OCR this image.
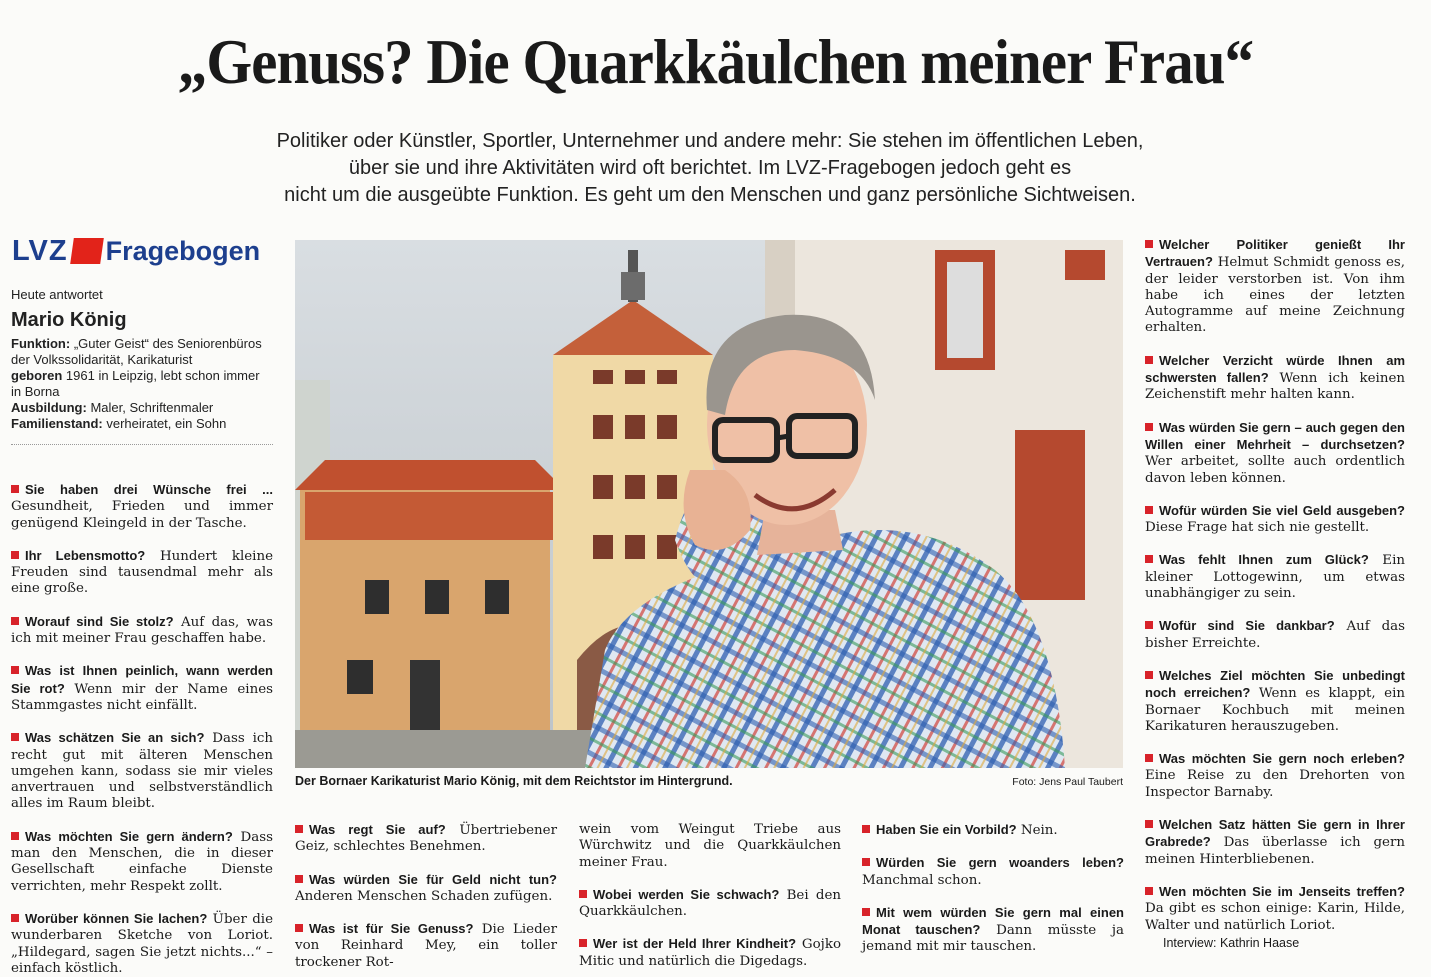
„Genuss? Die Quarkkäulchen meiner Frau“
Politiker oder Künstler, Sportler, Unternehmer und andere mehr: Sie stehen im öffentlichen Leben,
über sie und ihre Aktivitäten wird oft berichtet. Im LVZ-Fragebogen jedoch geht es
nicht um die ausgeübte Funktion. Es geht um den Menschen und ganz persönliche Sichtweisen.
LVZ Fragebogen
Heute antwortet
Mario König
Funktion: „Guter Geist“ des Seniorenbüros der Volkssolidarität, Karikaturist
geboren 1961 in Leipzig, lebt schon immer in Borna
Ausbildung: Maler, Schriftenmaler
Familienstand: verheiratet, ein Sohn
Der Bornaer Karikaturist Mario König, mit dem Reichtstor im Hintergrund.	Foto: Jens Paul Taubert
Sie haben drei Wünsche frei ... Gesundheit, Frieden und immer genügend Kleingeld in der Tasche.
Ihr Lebensmotto? Hundert kleine Freuden sind tausendmal mehr als eine große.
Worauf sind Sie stolz? Auf das, was ich mit meiner Frau geschaffen habe.
Was ist Ihnen peinlich, wann werden Sie rot? Wenn mir der Name eines Stammgastes nicht einfällt.
Was schätzen Sie an sich? Dass ich recht gut mit älteren Menschen umgehen kann, sodass sie mir vieles anvertrauen und selbstverständlich alles im Raum bleibt.
Was möchten Sie gern ändern? Dass man den Menschen, die in dieser Gesellschaft einfache Dienste verrichten, mehr Respekt zollt.
Worüber können Sie lachen? Über die wunderbaren Sketche von Loriot. „Hildegard, sagen Sie jetzt nichts...“ – einfach köstlich.
Was regt Sie auf? Übertriebener Geiz, schlechtes Benehmen.
Was würden Sie für Geld nicht tun? Anderen Menschen Schaden zufügen.
Was ist für Sie Genuss? Die Lieder von Reinhard Mey, ein toller trockener Rot-
wein vom Weingut Triebe aus Würchwitz und die Quarkkäulchen meiner Frau.
Wobei werden Sie schwach? Bei den Quarkkäulchen.
Wer ist der Held Ihrer Kindheit? Gojko Mitic und natürlich die Digedags.
Haben Sie ein Vorbild? Nein.
Würden Sie gern woanders leben? Manchmal schon.
Mit wem würden Sie gern mal einen Monat tauschen? Dann müsste ja jemand mit mir tauschen.
Welcher Politiker genießt Ihr Vertrauen? Helmut Schmidt genoss es, der leider verstorben ist. Von ihm habe ich eines der letzten Autogramme auf meine Zeichnung erhalten.
Welcher Verzicht würde Ihnen am schwersten fallen? Wenn ich keinen Zeichenstift mehr halten kann.
Was würden Sie gern – auch gegen den Willen einer Mehrheit – durchsetzen? Wer arbeitet, sollte auch ordentlich davon leben können.
Wofür würden Sie viel Geld ausgeben? Diese Frage hat sich nie gestellt.
Was fehlt Ihnen zum Glück? Ein kleiner Lottogewinn, um etwas unabhängiger zu sein.
Wofür sind Sie dankbar? Auf das bisher Erreichte.
Welches Ziel möchten Sie unbedingt noch erreichen? Wenn es klappt, ein Bornaer Kochbuch mit meinen Karikaturen herauszugeben.
Was möchten Sie gern noch erleben? Eine Reise zu den Drehorten von Inspector Barnaby.
Welchen Satz hätten Sie gern in Ihrer Grabrede? Das überlasse ich gern meinen Hinterbliebenen.
Wen möchten Sie im Jenseits treffen? Da gibt es schon einige: Karin, Hilde, Walter und natürlich Loriot.
Interview: Kathrin Haase
